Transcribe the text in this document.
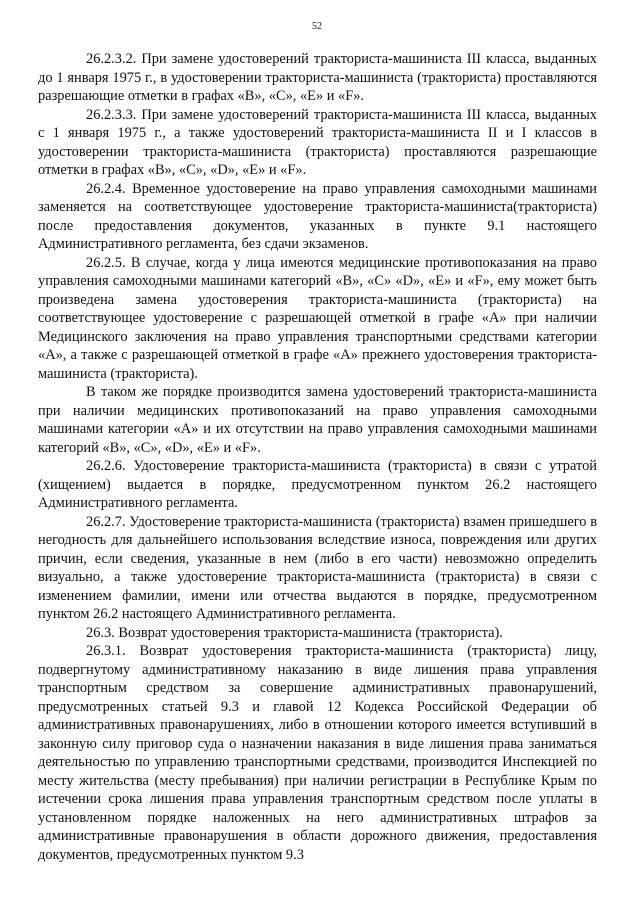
52

26.2.3.2. При замене удостоверений тракториста-машиниста III класса, выданных до 1 января 1975 г., в удостоверении тракториста-машиниста (тракториста) проставляются разрешающие отметки в графах «В», «С», «Е» и «F».

26.2.3.3. При замене удостоверений тракториста-машиниста III класса, выданных с 1 января 1975 г., а также удостоверений тракториста-машиниста II и I классов в удостоверении тракториста-машиниста (тракториста) проставляются разрешающие отметки в графах «В», «С», «D», «Е» и «F».

26.2.4. Временное удостоверение на право управления самоходными машинами заменяется на соответствующее удостоверение тракториста-машиниста(тракториста) после предоставления документов, указанных в пункте 9.1 настоящего Административного регламента, без сдачи экзаменов.

26.2.5. В случае, когда у лица имеются медицинские противопоказания на право управления самоходными машинами категорий «В», «С» «D», «Е» и «F», ему может быть произведена замена удостоверения тракториста-машиниста (тракториста) на соответствующее удостоверение с разрешающей отметкой в графе «А» при наличии Медицинского заключения на право управления транспортными средствами категории «А», а также с разрешающей отметкой в графе «А» прежнего удостоверения тракториста-машиниста (тракториста).

В таком же порядке производится замена удостоверений тракториста-машиниста при наличии медицинских противопоказаний на право управления самоходными машинами категории «А» и их отсутствии на право управления самоходными машинами категорий «В», «С», «D», «Е» и «F».

26.2.6. Удостоверение тракториста-машиниста (тракториста) в связи с утратой (хищением) выдается в порядке, предусмотренном пунктом 26.2 настоящего Административного регламента.

26.2.7. Удостоверение тракториста-машиниста (тракториста) взамен пришедшего в негодность для дальнейшего использования вследствие износа, повреждения или других причин, если сведения, указанные в нем (либо в его части) невозможно определить визуально, а также удостоверение тракториста-машиниста (тракториста) в связи с изменением фамилии, имени или отчества выдаются в порядке, предусмотренном пунктом 26.2 настоящего Административного регламента.

26.3. Возврат удостоверения тракториста-машиниста (тракториста).

26.3.1. Возврат удостоверения тракториста-машиниста (тракториста) лицу, подвергнутому административному наказанию в виде лишения права управления транспортным средством за совершение административных правонарушений, предусмотренных статьей 9.3 и главой 12 Кодекса Российской Федерации об административных правонарушениях, либо в отношении которого имеется вступивший в законную силу приговор суда о назначении наказания в виде лишения права заниматься деятельностью по управлению транспортными средствами, производится Инспекцией по месту жительства (месту пребывания) при наличии регистрации в Республике Крым по истечении срока лишения права управления транспортным средством после уплаты в установленном порядке наложенных на него административных штрафов за административные правонарушения в области дорожного движения, предоставления документов, предусмотренных пунктом 9.3
